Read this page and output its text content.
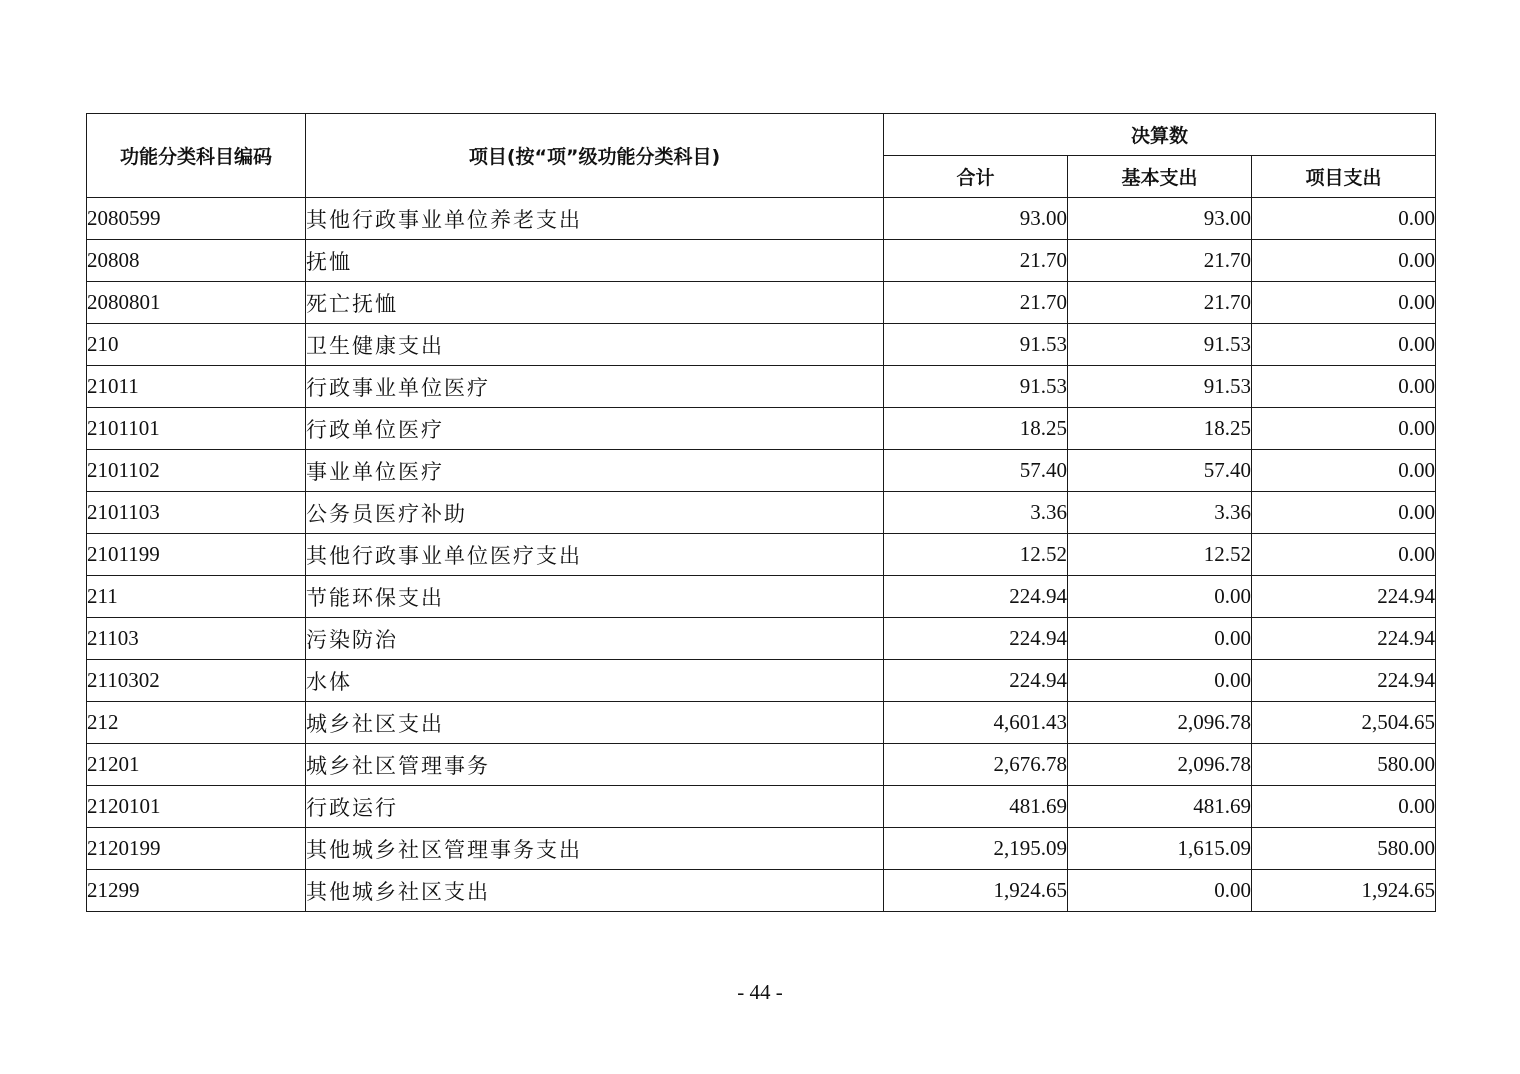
功能分类科目编码	项目(按“项”级功能分类科目)	决算数		
		合计	基本支出	项目支出
2080599	其他行政事业单位养老支出	93.00	93.00	0.00
20808	抚恤	21.70	21.70	0.00
2080801	死亡抚恤	21.70	21.70	0.00
210	卫生健康支出	91.53	91.53	0.00
21011	行政事业单位医疗	91.53	91.53	0.00
2101101	行政单位医疗	18.25	18.25	0.00
2101102	事业单位医疗	57.40	57.40	0.00
2101103	公务员医疗补助	3.36	3.36	0.00
2101199	其他行政事业单位医疗支出	12.52	12.52	0.00
211	节能环保支出	224.94	0.00	224.94
21103	污染防治	224.94	0.00	224.94
2110302	水体	224.94	0.00	224.94
212	城乡社区支出	4,601.43	2,096.78	2,504.65
21201	城乡社区管理事务	2,676.78	2,096.78	580.00
2120101	行政运行	481.69	481.69	0.00
2120199	其他城乡社区管理事务支出	2,195.09	1,615.09	580.00
21299	其他城乡社区支出	1,924.65	0.00	1,924.65
- 44 -
